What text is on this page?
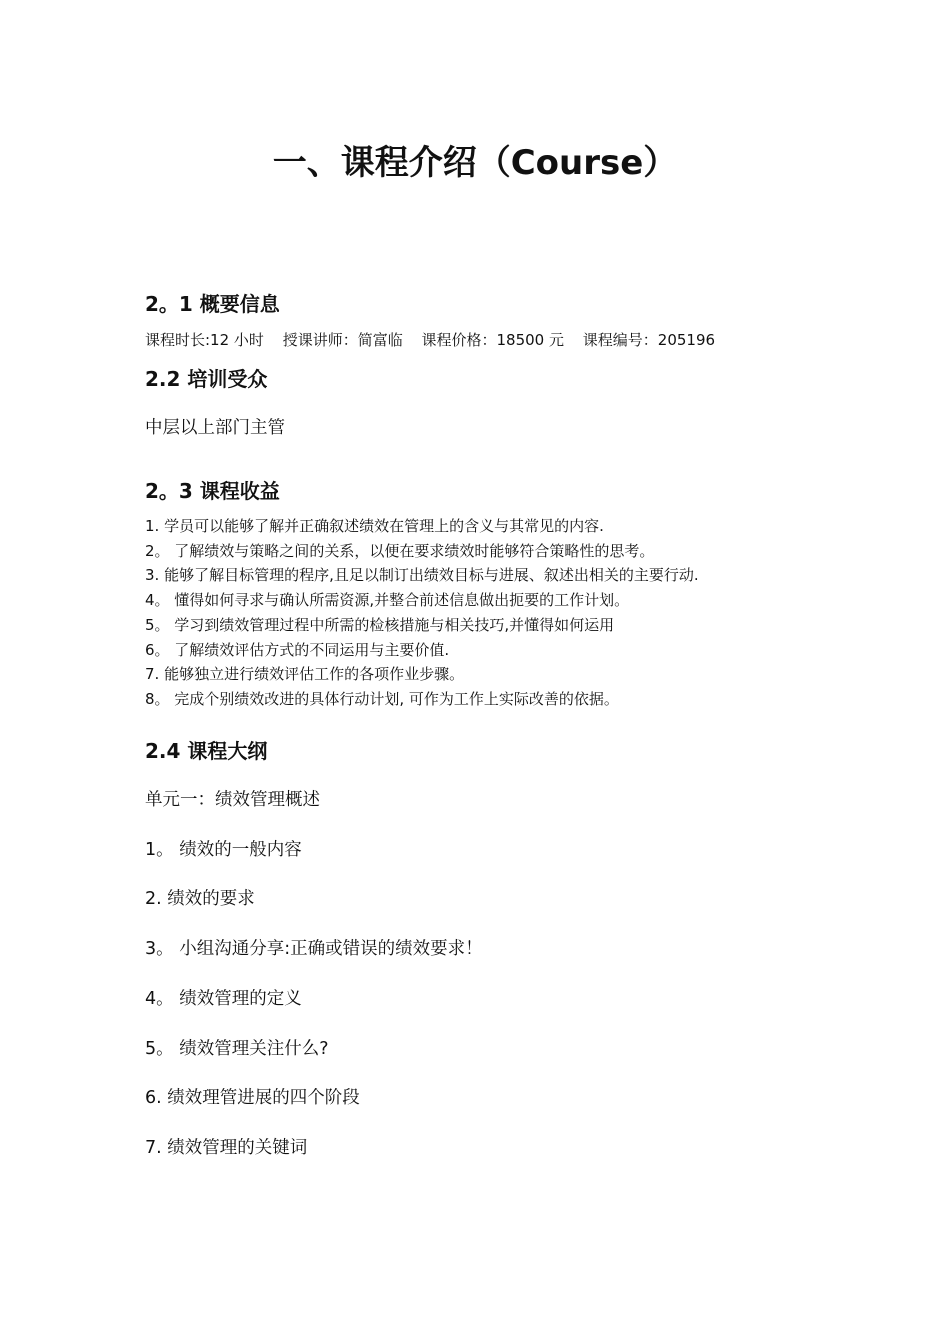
一、课程介绍（Course）
2。1 概要信息

课程时长:12 小时 授课讲师：简富临 课程价格：18500 元 课程编号：205196

2.2 培训受众

中层以上部门主管

2。3 课程收益
1. 学员可以能够了解并正确叙述绩效在管理上的含义与其常见的内容.
2。 了解绩效与策略之间的关系，以便在要求绩效时能够符合策略性的思考。
3. 能够了解目标管理的程序,且足以制订出绩效目标与进展、叙述出相关的主要行动.
4。 懂得如何寻求与确认所需资源,并整合前述信息做出扼要的工作计划。
5。 学习到绩效管理过程中所需的检核措施与相关技巧,并懂得如何运用
6。 了解绩效评估方式的不同运用与主要价值.
7. 能够独立进行绩效评估工作的各项作业步骤。
8。 完成个别绩效改进的具体行动计划, 可作为工作上实际改善的依据。
2.4 课程大纲

单元一：绩效管理概述

1。 绩效的一般内容

2. 绩效的要求

3。 小组沟通分享:正确或错误的绩效要求！

4。 绩效管理的定义

5。 绩效管理关注什么?

6. 绩效理管进展的四个阶段

7. 绩效管理的关键词
